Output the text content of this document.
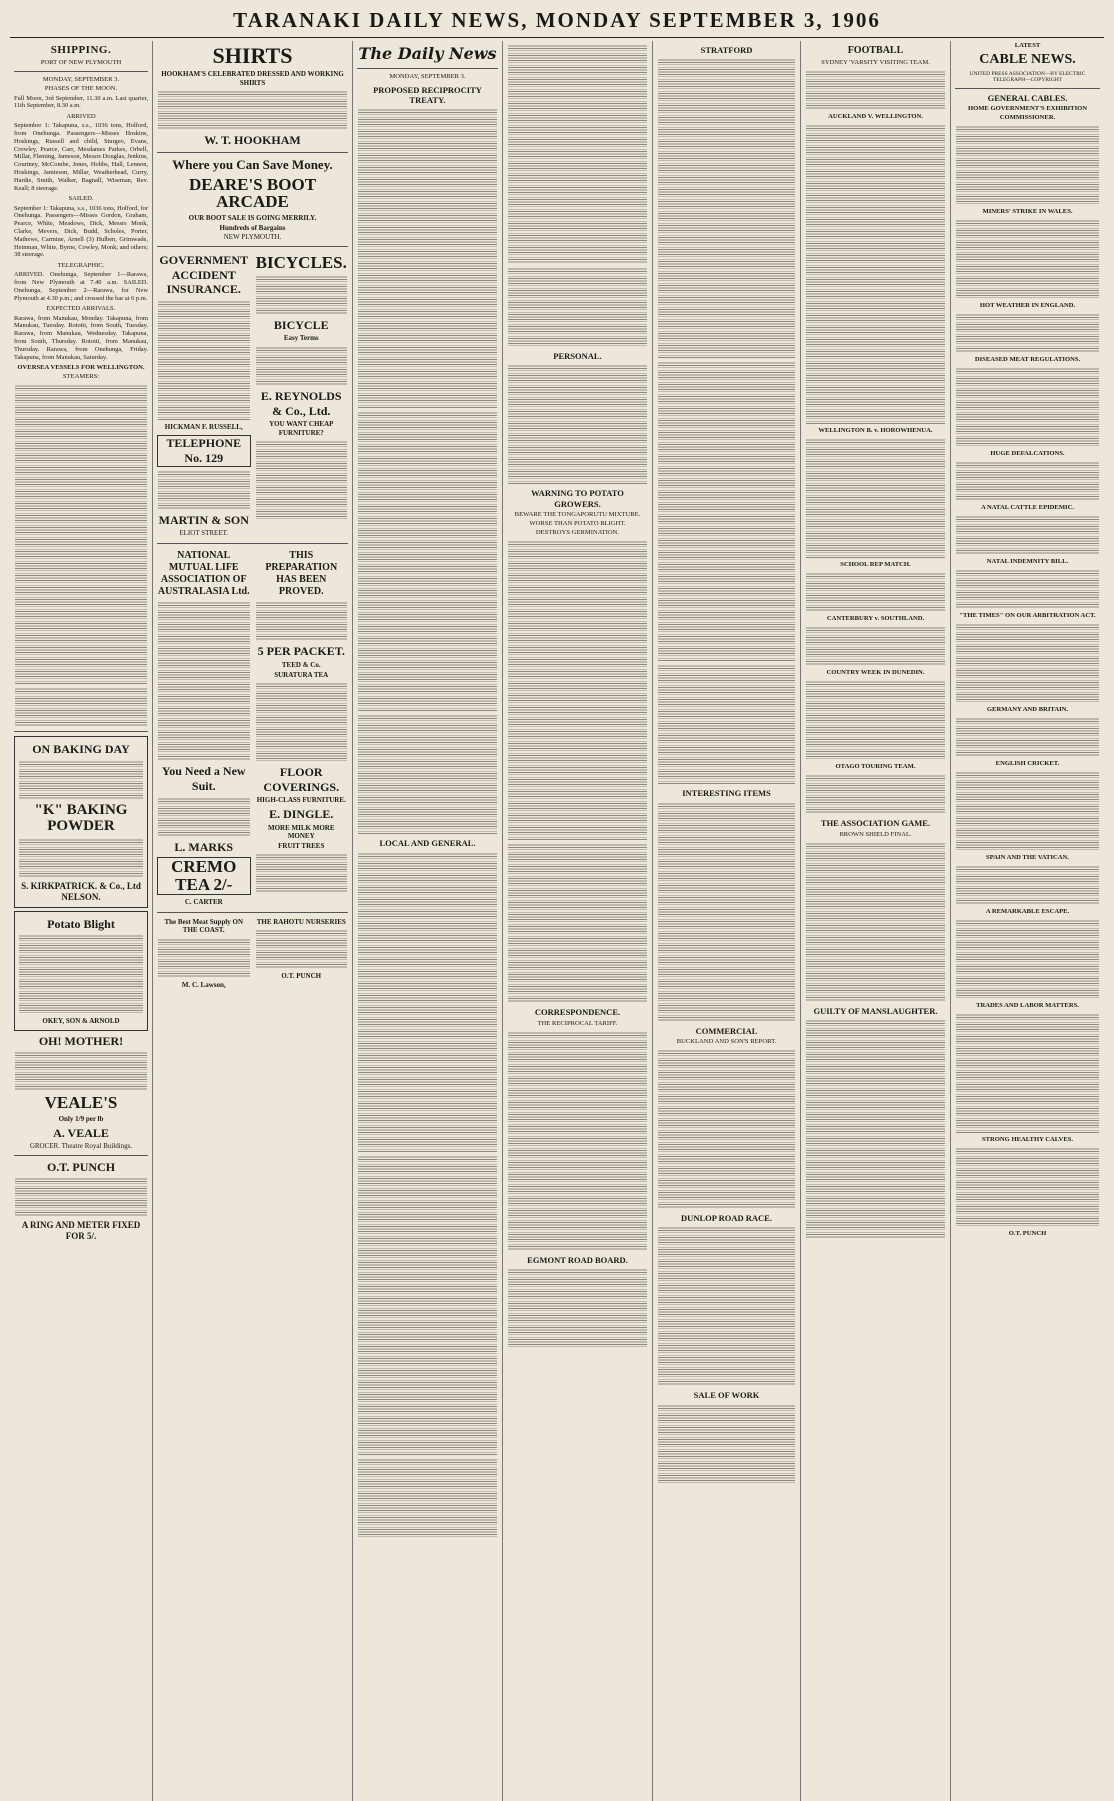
TARANAKI DAILY NEWS, MONDAY SEPTEMBER 3, 1906
SHIPPING.
PORT OF NEW PLYMOUTH
MONDAY, SEPTEMBER 3.
PHASES OF THE MOON.
Full Moon, 3rd September, 11.30 a.m. Last quarter, 11th September, 8.30 a.m.
ARRIVED
September 1: Takapuna, s.s., 1036 tons, Holford, from Onehunga. Passengers—Misses Hoskins, Hoskings, Russell and child, Sturgeo, Evans, Crowley, Pearce, Carr, Mesdames Parkes, Orbell, Millar, Fleming, Jameson, Messrs Douglas, Jenkins, Courtney, McCombe, Jones, Hobbs, Hall, Lennon, Hoskings, Jamieson, Millar, Weatherhead, Curry, Hardie, Smith, Walker, Bagnall, Wiseman, Rev. Keall; 8 steerage.
SAILED.
September 1: Takapuna, s.s., 1036 tons, Holford, for Onehunga. Passengers—Misses Gordon, Graham, Pearce, White, Meadows, Dick, Messrs Monk, Clarke, Mevers, Dick, Budd, Scholes, Porter, Mathews, Carmine, Arnell (3) Hulben, Grimwade, Heinman, White, Byrne, Cowley, Monk; and others; 38 steerage.
TELEGRAPHIC.
ARRIVED. Onehunga, September 1—Rarawa, from New Plymouth at 7.40 a.m. SAILED. Onehunga, September 2—Rarawa, for New Plymouth at 4.30 p.m.; and crossed the bar at 6 p.m.
EXPECTED ARRIVALS.
Rarawa, from Manukau, Monday. Takapuna, from Manukau, Tuesday. Rotoiti, from South, Tuesday. Rarawa, from Manukau, Wednesday. Takapuna, from South, Thursday. Rotoiti, from Manukau, Thursday. Rarawa, from Onehunga, Friday. Takapuna, from Manukau, Saturday.
OVERSEA VESSELS FOR WELLINGTON.
STEAMERS:
ON BAKING DAY
"K" BAKING POWDER
S. KIRKPATRICK. & Co., Ltd NELSON.
Potato Blight
OKEY, SON & ARNOLD
OH! MOTHER!
VEALE'S
Only 1/9 per lb
A. VEALE
GROCER. Theatre Royal Buildings.
O.T. PUNCH
A RING AND METER FIXED FOR 5/.
SHIRTS
HOOKHAM'S CELEBRATED DRESSED AND WORKING SHIRTS
W. T. HOOKHAM
Where you Can Save Money.
DEARE'S BOOT ARCADE
OUR BOOT SALE IS GOING MERRILY.
Hundreds of Bargains
NEW PLYMOUTH.
GOVERNMENT ACCIDENT INSURANCE.
HICKMAN F. RUSSELL,
TELEPHONE No. 129
MARTIN & SON
ELIOT STREET.
BICYCLES.
BICYCLE
Easy Terms
E. REYNOLDS & Co., Ltd.
YOU WANT CHEAP FURNITURE?
NATIONAL MUTUAL LIFE ASSOCIATION OF AUSTRALASIA Ltd.
You Need a New Suit.
L. MARKS
CREMO TEA 2/-
C. CARTER
THIS PREPARATION HAS BEEN PROVED.
5 PER PACKET.
TEED & Co.
SURATURA TEA
FLOOR COVERINGS.
HIGH-CLASS FURNITURE.
E. DINGLE.
MORE MILK MORE MONEY
FRUIT TREES
The Best Meat Supply ON THE COAST.
M. C. Lawson,
THE RAHOTU NURSERIES
O.T. PUNCH
The Daily News
MONDAY, SEPTEMBER 3.
PROPOSED RECIPROCITY TREATY.
LOCAL AND GENERAL.
PERSONAL.
WARNING TO POTATO GROWERS.
BEWARE THE TONGAPORUTU MIXTURE.
WORSE THAN POTATO BLIGHT.
DESTROYS GERMINATION.
CORRESPONDENCE.
THE RECIPROCAL TARIFF.
EGMONT ROAD BOARD.
STRATFORD
INTERESTING ITEMS
COMMERCIAL
BUCKLAND AND SON'S REPORT.
DUNLOP ROAD RACE.
SALE OF WORK
FOOTBALL
SYDNEY 'VARSITY VISITING TEAM.
AUCKLAND V. WELLINGTON.
WELLINGTON B. v. HOROWHENUA.
SCHOOL REP MATCH.
CANTERBURY v. SOUTHLAND.
COUNTRY WEEK IN DUNEDIN.
OTAGO TOURING TEAM.
THE ASSOCIATION GAME.
BROWN SHIELD FINAL.
GUILTY OF MANSLAUGHTER.
LATEST
CABLE NEWS.
UNITED PRESS ASSOCIATION—BY ELECTRIC TELEGRAPH—COPYRIGHT
GENERAL CABLES.
HOME GOVERNMENT'S EXHIBITION COMMISSIONER.
MINERS' STRIKE IN WALES.
HOT WEATHER IN ENGLAND.
DISEASED MEAT REGULATIONS.
HUGE DEFALCATIONS.
A NATAL CATTLE EPIDEMIC.
NATAL INDEMNITY BILL.
"THE TIMES" ON OUR ARBITRATION ACT.
GERMANY AND BRITAIN.
ENGLISH CRICKET.
SPAIN AND THE VATICAN.
A REMARKABLE ESCAPE.
TRADES AND LABOR MATTERS.
STRONG HEALTHY CALVES.
O.T. PUNCH
